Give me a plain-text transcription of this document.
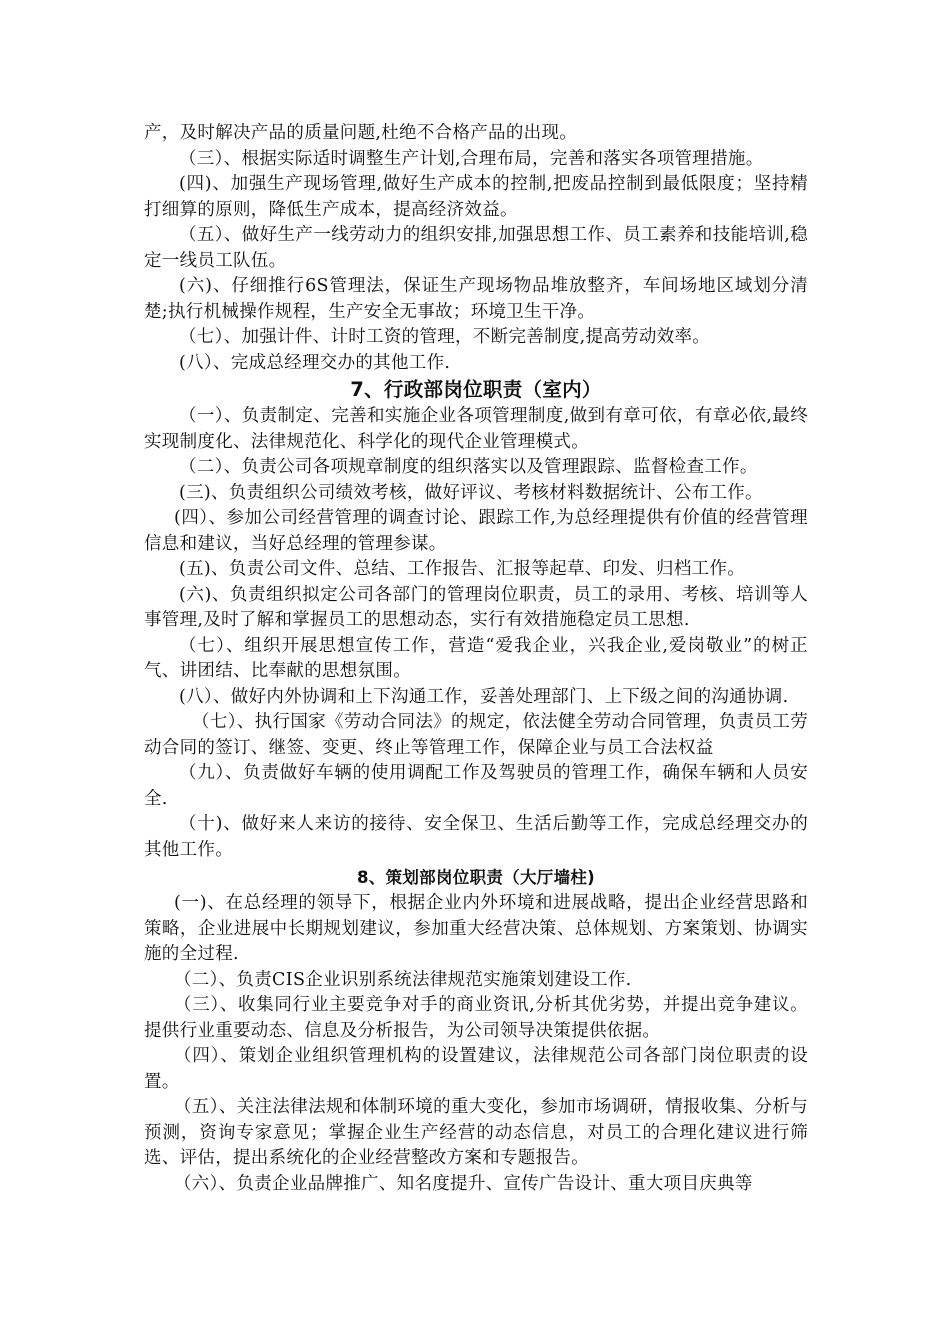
产，及时解决产品的质量问题,杜绝不合格产品的出现。

（三）、根据实际适时调整生产计划,合理布局，完善和落实各项管理措施。

(四)、加强生产现场管理,做好生产成本的控制,把废品控制到最低限度；坚持精打细算的原则，降低生产成本，提高经济效益。

（五）、做好生产一线劳动力的组织安排,加强思想工作、员工素养和技能培训,稳定一线员工队伍。

(六)、仔细推行6S管理法，保证生产现场物品堆放整齐，车间场地区域划分清楚;执行机械操作规程，生产安全无事故；环境卫生干净。

（七）、加强计件、计时工资的管理，不断完善制度,提高劳动效率。

(八）、完成总经理交办的其他工作.

7、行政部岗位职责（室内）

（一）、负责制定、完善和实施企业各项管理制度,做到有章可依，有章必依,最终实现制度化、法律规范化、科学化的现代企业管理模式。

（二）、负责公司各项规章制度的组织落实以及管理跟踪、监督检查工作。

(三)、负责组织公司绩效考核，做好评议、考核材料数据统计、公布工作。

(四）、参加公司经营管理的调查讨论、跟踪工作,为总经理提供有价值的经营管理信息和建议，当好总经理的管理参谋。

(五)、负责公司文件、总结、工作报告、汇报等起草、印发、归档工作。

(六)、负责组织拟定公司各部门的管理岗位职责，员工的录用、考核、培训等人事管理,及时了解和掌握员工的思想动态，实行有效措施稳定员工思想.

（七）、组织开展思想宣传工作，营造“爱我企业，兴我企业,爱岗敬业”的树正气、讲团结、比奉献的思想氛围。

(八）、做好内外协调和上下沟通工作，妥善处理部门、上下级之间的沟通协调.

（七）、执行国家《劳动合同法》的规定，依法健全劳动合同管理，负责员工劳动合同的签订、继签、变更、终止等管理工作，保障企业与员工合法权益

（九）、负责做好车辆的使用调配工作及驾驶员的管理工作，确保车辆和人员安全.

（十)、做好来人来访的接待、安全保卫、生活后勤等工作，完成总经理交办的其他工作。

8、策划部岗位职责（大厅墙柱)

(一)、在总经理的领导下，根据企业内外环境和进展战略，提出企业经营思路和策略，企业进展中长期规划建议，参加重大经营决策、总体规划、方案策划、协调实施的全过程.

（二）、负责CIS企业识别系统法律规范实施策划建设工作.

（三）、收集同行业主要竞争对手的商业资讯,分析其优劣势，并提出竞争建议。提供行业重要动态、信息及分析报告，为公司领导决策提供依据。

（四）、策划企业组织管理机构的设置建议，法律规范公司各部门岗位职责的设置。

（五）、关注法律法规和体制环境的重大变化，参加市场调研，情报收集、分析与预测，资询专家意见；掌握企业生产经营的动态信息，对员工的合理化建议进行筛选、评估，提出系统化的企业经营整改方案和专题报告。

（六）、负责企业品牌推广、知名度提升、宣传广告设计、重大项目庆典等
